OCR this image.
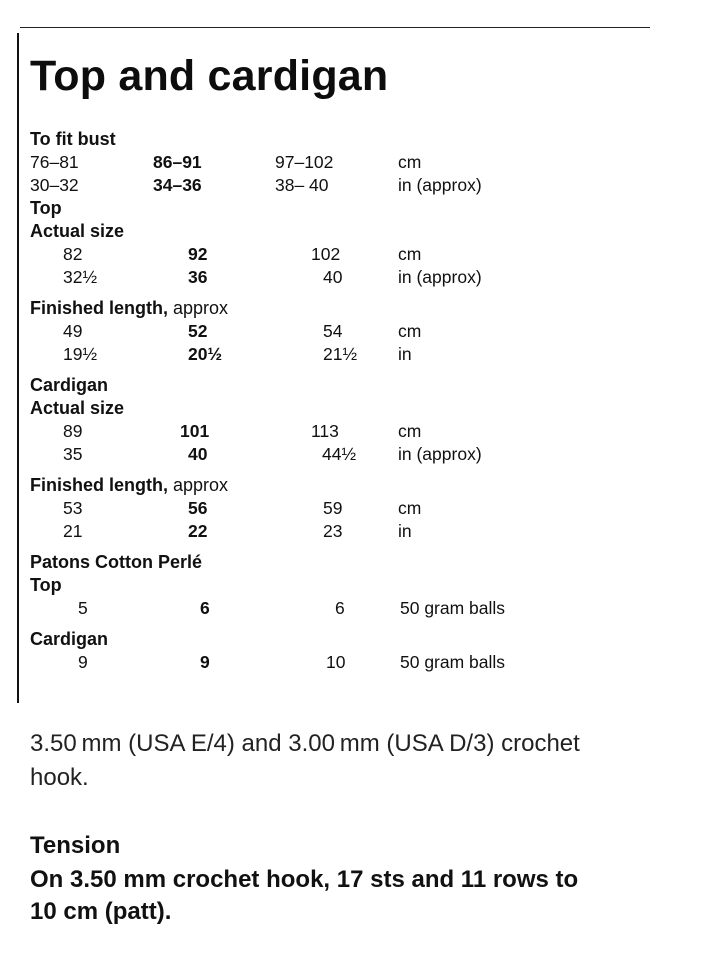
Top and cardigan
To fit bust
76–81	86–91	97–102	cm
30–32	34–36	38– 40	in (approx)
Top
Actual size
82	92	102	cm
32½	36	40	in (approx)
Finished length, approx
49	52	54	cm
19½	20½	21½ in
Cardigan
Actual size
89	101	113	cm
35	40	44½ in (approx)
Finished length, approx
53	56	59	cm
21	22	23	in
Patons Cotton Perlé
Top
5	6	6	50 gram balls
Cardigan
9	9	10	50 gram balls
3.50 mm (USA E/4) and 3.00 mm (USA D/3) crochet hook.
Tension
On 3.50 mm crochet hook, 17 sts and 11 rows to 10 cm (patt).
